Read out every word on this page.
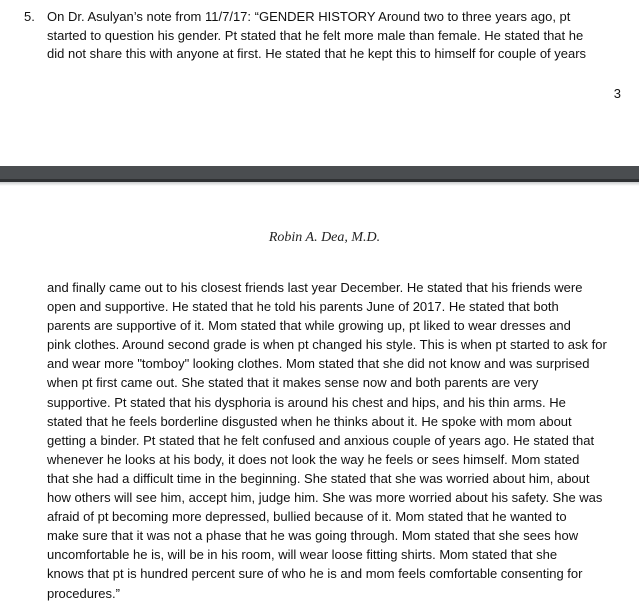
5. On Dr. Asulyan’s note from 11/7/17: “GENDER HISTORY Around two to three years ago, pt
started to question his gender. Pt stated that he felt more male than female. He stated that he
did not share this with anyone at first. He stated that he kept this to himself for couple of years
3
Robin A. Dea, M.D.
and finally came out to his closest friends last year December. He stated that his friends were
open and supportive. He stated that he told his parents June of 2017. He stated that both
parents are supportive of it. Mom stated that while growing up, pt liked to wear dresses and
pink clothes. Around second grade is when pt changed his style. This is when pt started to ask for
and wear more "tomboy" looking clothes. Mom stated that she did not know and was surprised
when pt first came out. She stated that it makes sense now and both parents are very
supportive. Pt stated that his dysphoria is around his chest and hips, and his thin arms. He
stated that he feels borderline disgusted when he thinks about it. He spoke with mom about
getting a binder. Pt stated that he felt confused and anxious couple of years ago. He stated that
whenever he looks at his body, it does not look the way he feels or sees himself. Mom stated
that she had a difficult time in the beginning. She stated that she was worried about him, about
how others will see him, accept him, judge him. She was more worried about his safety. She was
afraid of pt becoming more depressed, bullied because of it. Mom stated that he wanted to
make sure that it was not a phase that he was going through. Mom stated that she sees how
uncomfortable he is, will be in his room, will wear loose fitting shirts. Mom stated that she
knows that pt is hundred percent sure of who he is and mom feels comfortable consenting for
procedures.”
